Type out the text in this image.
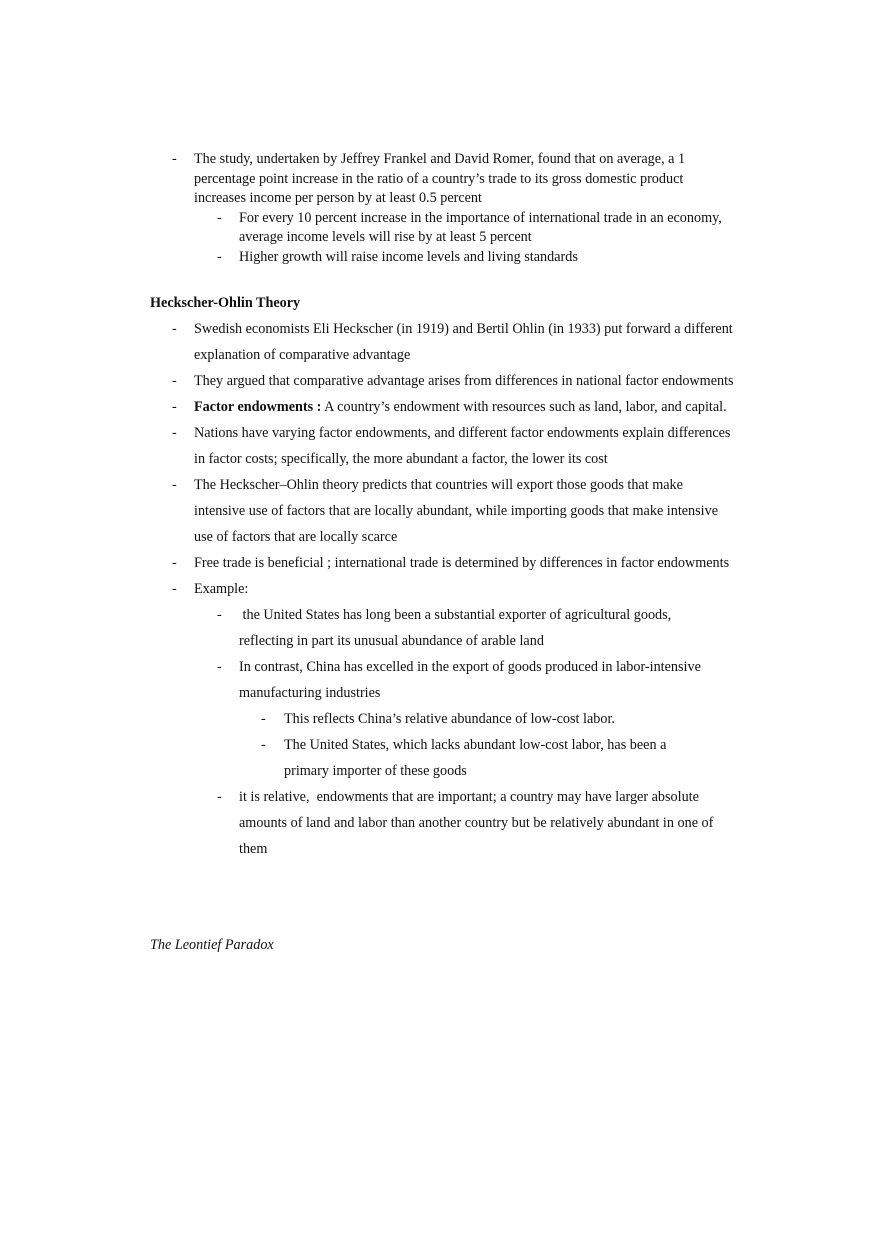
- The study, undertaken by Jeffrey Frankel and David Romer, found that on average, a 1 percentage point increase in the ratio of a country’s trade to its gross domestic product increases income per person by at least 0.5 percent
- For every 10 percent increase in the importance of international trade in an economy, average income levels will rise by at least 5 percent
- Higher growth will raise income levels and living standards
Heckscher-Ohlin Theory
- Swedish economists Eli Heckscher (in 1919) and Bertil Ohlin (in 1933) put forward a different explanation of comparative advantage
- They argued that comparative advantage arises from differences in national factor endowments
- Factor endowments : A country’s endowment with resources such as land, labor, and capital.
- Nations have varying factor endowments, and different factor endowments explain differences in factor costs; specifically, the more abundant a factor, the lower its cost
- The Heckscher–Ohlin theory predicts that countries will export those goods that make intensive use of factors that are locally abundant, while importing goods that make intensive use of factors that are locally scarce
- Free trade is beneficial ; international trade is determined by differences in factor endowments
- Example:
- the United States has long been a substantial exporter of agricultural goods, reflecting in part its unusual abundance of arable land
- In contrast, China has excelled in the export of goods produced in labor-intensive manufacturing industries
- This reflects China’s relative abundance of low-cost labor.
- The United States, which lacks abundant low-cost labor, has been a primary importer of these goods
- it is relative,  endowments that are important; a country may have larger absolute amounts of land and labor than another country but be relatively abundant in one of them
The Leontief Paradox
